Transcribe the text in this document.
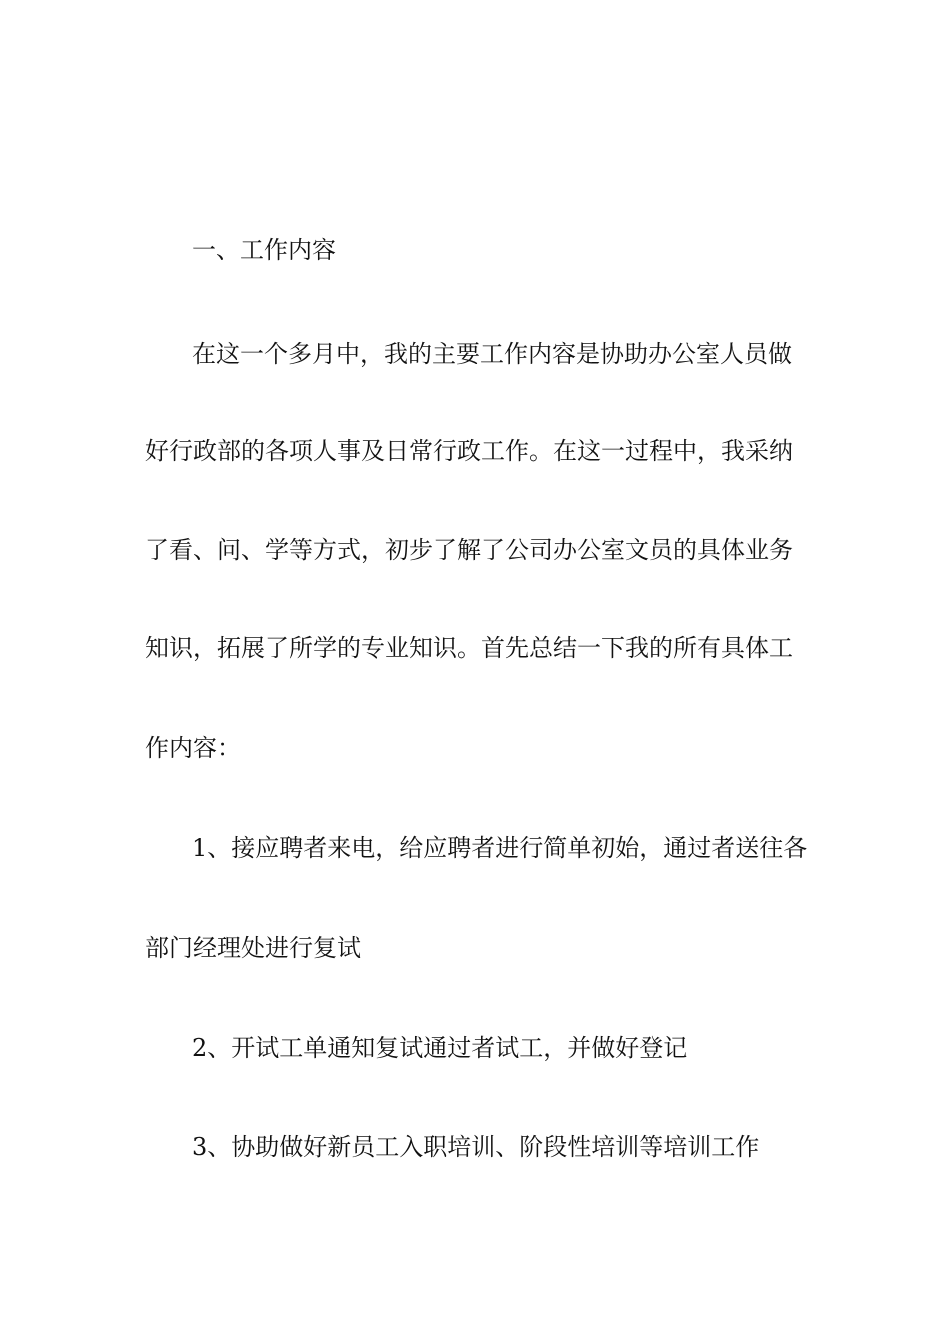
一、工作内容
在这一个多月中，我的主要工作内容是协助办公室人员做
好行政部的各项人事及日常行政工作。在这一过程中，我采纳
了看、问、学等方式，初步了解了公司办公室文员的具体业务
知识，拓展了所学的专业知识。首先总结一下我的所有具体工
作内容：
1、接应聘者来电，给应聘者进行简单初始，通过者送往各
部门经理处进行复试
2、开试工单通知复试通过者试工，并做好登记
3、协助做好新员工入职培训、阶段性培训等培训工作
